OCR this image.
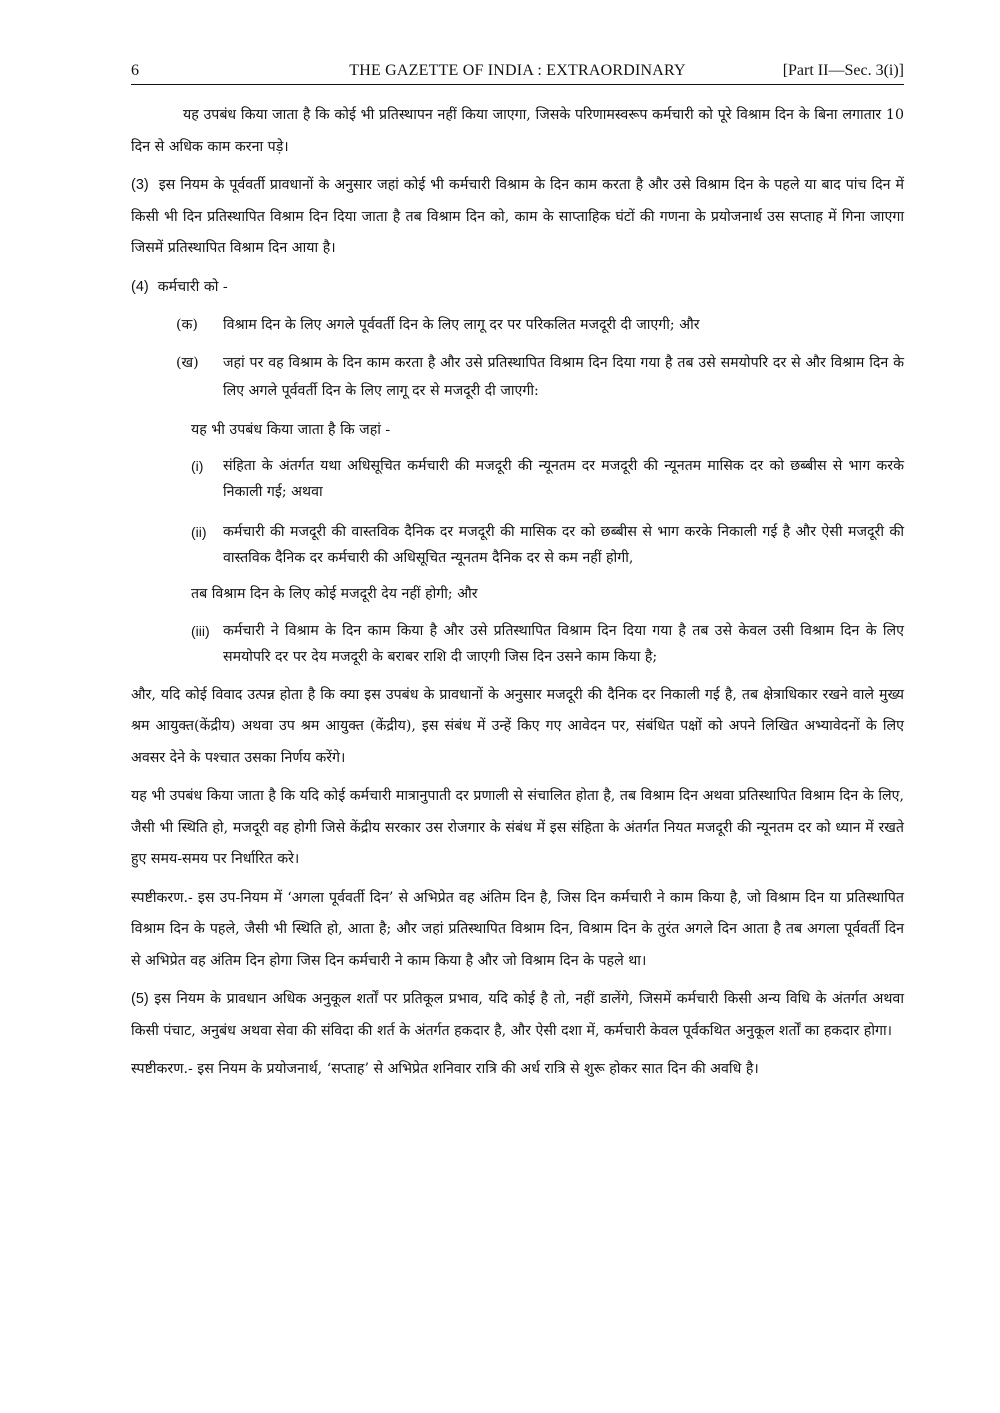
6	THE GAZETTE OF INDIA : EXTRAORDINARY	[Part II—Sec. 3(i)]

यह उपबंध किया जाता है कि कोई भी प्रतिस्थापन नहीं किया जाएगा, जिसके परिणामस्वरूप कर्मचारी को पूरे विश्राम दिन के बिना लगातार 10 दिन से अधिक काम करना पड़े।

(3) इस नियम के पूर्ववर्ती प्रावधानों के अनुसार जहां कोई भी कर्मचारी विश्राम के दिन काम करता है और उसे विश्राम दिन के पहले या बाद पांच दिन में किसी भी दिन प्रतिस्थापित विश्राम दिन दिया जाता है तब विश्राम दिन को, काम के साप्ताहिक घंटों की गणना के प्रयोजनार्थ उस सप्ताह में गिना जाएगा जिसमें प्रतिस्थापित विश्राम दिन आया है।

(4) कर्मचारी को -

(क) विश्राम दिन के लिए अगले पूर्ववर्ती दिन के लिए लागू दर पर परिकलित मजदूरी दी जाएगी; और
(ख) जहां पर वह विश्राम के दिन काम करता है और उसे प्रतिस्थापित विश्राम दिन दिया गया है तब उसे समयोपरि दर से और विश्राम दिन के लिए अगले पूर्ववर्ती दिन के लिए लागू दर से मजदूरी दी जाएगी:

यह भी उपबंध किया जाता है कि जहां -

(i) संहिता के अंतर्गत यथा अधिसूचित कर्मचारी की मजदूरी की न्यूनतम दर मजदूरी की न्यूनतम मासिक दर को छब्बीस से भाग करके निकाली गई; अथवा
(ii) कर्मचारी की मजदूरी की वास्तविक दैनिक दर मजदूरी की मासिक दर को छब्बीस से भाग करके निकाली गई है और ऐसी मजदूरी की वास्तविक दैनिक दर कर्मचारी की अधिसूचित न्यूनतम दैनिक दर से कम नहीं होगी,

तब विश्राम दिन के लिए कोई मजदूरी देय नहीं होगी; और

(iii) कर्मचारी ने विश्राम के दिन काम किया है और उसे प्रतिस्थापित विश्राम दिन दिया गया है तब उसे केवल उसी विश्राम दिन के लिए समयोपरि दर पर देय मजदूरी के बराबर राशि दी जाएगी जिस दिन उसने काम किया है;

और, यदि कोई विवाद उत्पन्न होता है कि क्या इस उपबंध के प्रावधानों के अनुसार मजदूरी की दैनिक दर निकाली गई है, तब क्षेत्राधिकार रखने वाले मुख्य श्रम आयुक्त(केंद्रीय) अथवा उप श्रम आयुक्त (केंद्रीय), इस संबंध में उन्हें किए गए आवेदन पर, संबंधित पक्षों को अपने लिखित अभ्यावेदनों के लिए अवसर देने के पश्चात उसका निर्णय करेंगे।

यह भी उपबंध किया जाता है कि यदि कोई कर्मचारी मात्रानुपाती दर प्रणाली से संचालित होता है, तब विश्राम दिन अथवा प्रतिस्थापित विश्राम दिन के लिए, जैसी भी स्थिति हो, मजदूरी वह होगी जिसे केंद्रीय सरकार उस रोजगार के संबंध में इस संहिता के अंतर्गत नियत मजदूरी की न्यूनतम दर को ध्यान में रखते हुए समय-समय पर निर्धारित करे।

स्पष्टीकरण.- इस उप-नियम में ‘अगला पूर्ववर्ती दिन’ से अभिप्रेत वह अंतिम दिन है, जिस दिन कर्मचारी ने काम किया है, जो विश्राम दिन या प्रतिस्थापित विश्राम दिन के पहले, जैसी भी स्थिति हो, आता है; और जहां प्रतिस्थापित विश्राम दिन, विश्राम दिन के तुरंत अगले दिन आता है तब अगला पूर्ववर्ती दिन से अभिप्रेत वह अंतिम दिन होगा जिस दिन कर्मचारी ने काम किया है और जो विश्राम दिन के पहले था।

(5) इस नियम के प्रावधान अधिक अनुकूल शर्तों पर प्रतिकूल प्रभाव, यदि कोई है तो, नहीं डालेंगे, जिसमें कर्मचारी किसी अन्य विधि के अंतर्गत अथवा किसी पंचाट, अनुबंध अथवा सेवा की संविदा की शर्त के अंतर्गत हकदार है, और ऐसी दशा में, कर्मचारी केवल पूर्वकथित अनुकूल शर्तों का हकदार होगा।

स्पष्टीकरण.- इस नियम के प्रयोजनार्थ, ‘सप्ताह’ से अभिप्रेत शनिवार रात्रि की अर्ध रात्रि से शुरू होकर सात दिन की अवधि है।
